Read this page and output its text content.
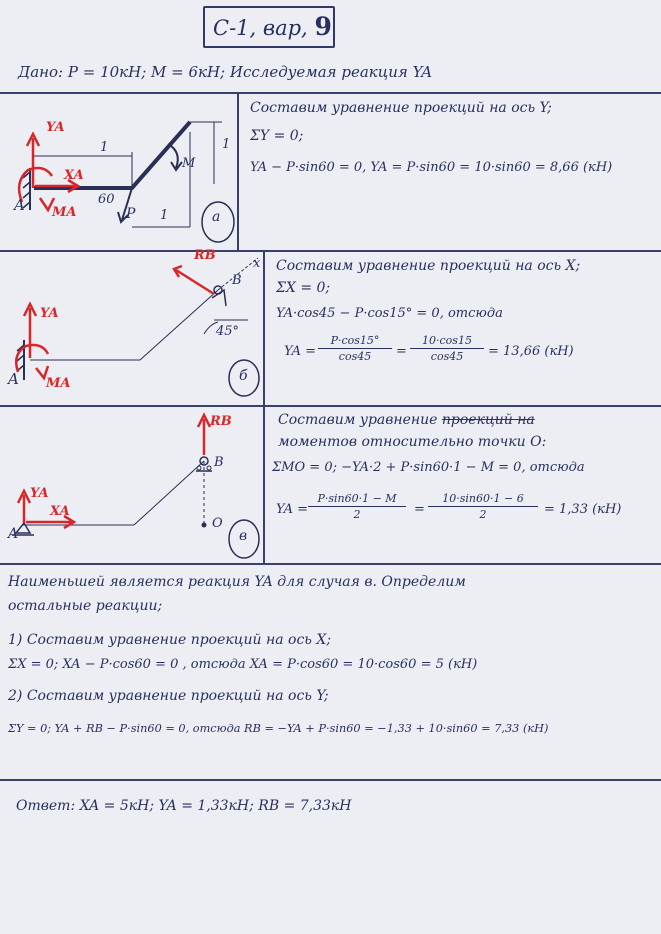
С-1, вар, 9
Дано: P = 10кН; M = 6кН; Исследуемая реакция YA
YA
XA
MA
A
M
P
1	1
1
60
а
Составим уравнение проекций на ось Y;
ΣY = 0;
YA − P·sin60 = 0, YA = P·sin60 = 10·sin60 = 8,66 (кН)
RB
B
x
YA
MA
A
45°
б
Составим уравнение проекций на ось X;
ΣX = 0;
YA·cos45 − P·cos15° = 0, отсюда
YA = $\frac{P\cdot\cos 15^\circ}{\cos 45} = \frac{10\cdot\cos 15}{\cos 45} = 13,66$ (кН)
RB
B
YA
XA
A
O
в
Составим уравнение проекций на
моментов относительно точки O:
ΣMO = 0; −YA·2 + P·sin60·1 − M = 0, отсюда
YA = $\frac{P\cdot\sin 60\cdot 1 - M}{2} = \frac{10\cdot\sin 60\cdot 1 - 6}{2} = 1,33$ (кН)
Наименьшей является реакция YA для случая в. Определим
остальные реакции;
1) Составим уравнение проекций на ось X;
ΣX = 0; XA − P·cos60 = 0 , отсюда XA = P·cos60 = 10·cos60 = 5 (кН)
2) Составим уравнение проекций на ось Y;
ΣY = 0; YA + RB − P·sin60 = 0, отсюда RB = −YA + P·sin60 = −1,33 + 10·sin60 = 7,33 (кН)
Ответ: XA = 5кН; YA = 1,33кН; RB = 7,33кН
